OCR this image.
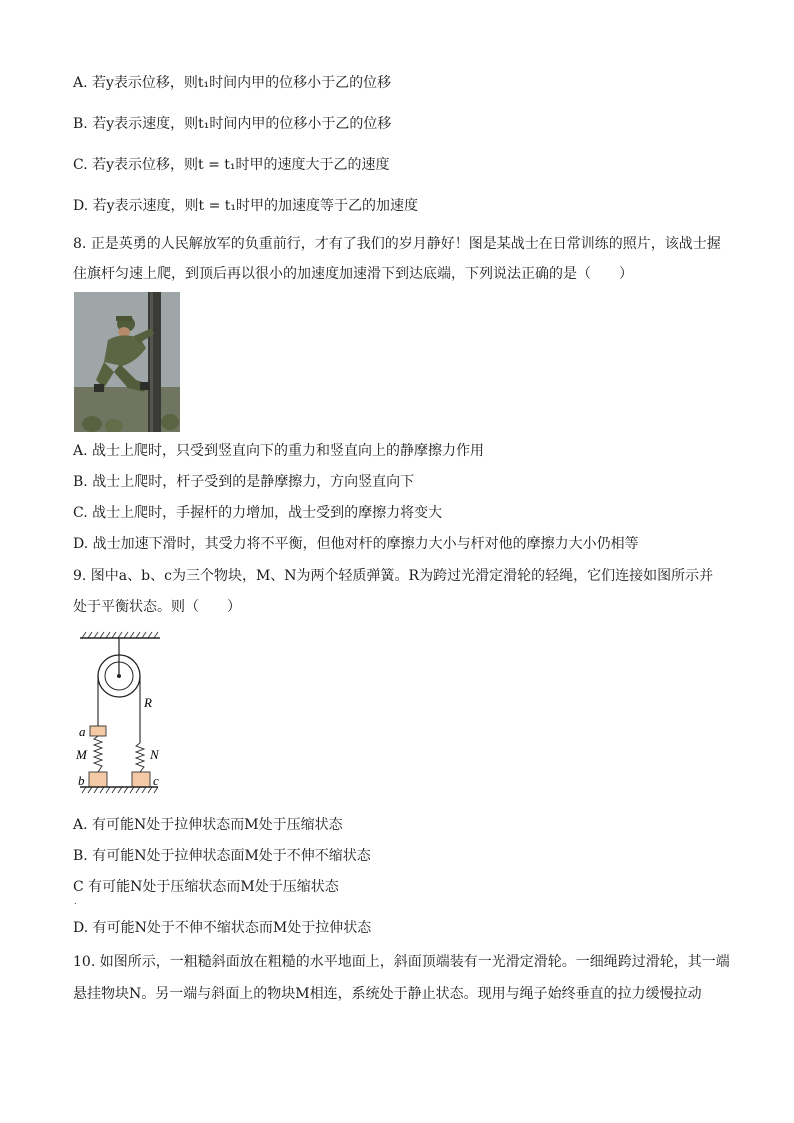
A. 若y表示位移，则t₁时间内甲的位移小于乙的位移
B. 若y表示速度，则t₁时间内甲的位移小于乙的位移
C. 若y表示位移，则t = t₁时甲的速度大于乙的速度
D. 若y表示速度，则t = t₁时甲的加速度等于乙的加速度
8. 正是英勇的人民解放军的负重前行，才有了我们的岁月静好！图是某战士在日常训练的照片，该战士握
住旗杆匀速上爬，到顶后再以很小的加速度加速滑下到达底端，下列说法正确的是（　　）
A. 战士上爬时，只受到竖直向下的重力和竖直向上的静摩擦力作用
B. 战士上爬时，杆子受到的是静摩擦力，方向竖直向下
C. 战士上爬时，手握杆的力增加，战士受到的摩擦力将变大
D. 战士加速下滑时，其受力将不平衡，但他对杆的摩擦力大小与杆对他的摩擦力大小仍相等
9. 图中a、b、c为三个物块，M、N为两个轻质弹簧。R为跨过光滑定滑轮的轻绳，它们连接如图所示并
处于平衡状态。则（　　）
R
a
M	N
b	c
A. 有可能N处于拉伸状态而M处于压缩状态
B. 有可能N处于拉伸状态面M处于不伸不缩状态
C 有可能N处于压缩状态而M处于压缩状态
.
D. 有可能N处于不伸不缩状态而M处于拉伸状态
10. 如图所示，一粗糙斜面放在粗糙的水平地面上，斜面顶端装有一光滑定滑轮。一细绳跨过滑轮，其一端
悬挂物块N。另一端与斜面上的物块M相连，系统处于静止状态。现用与绳子始终垂直的拉力缓慢拉动
